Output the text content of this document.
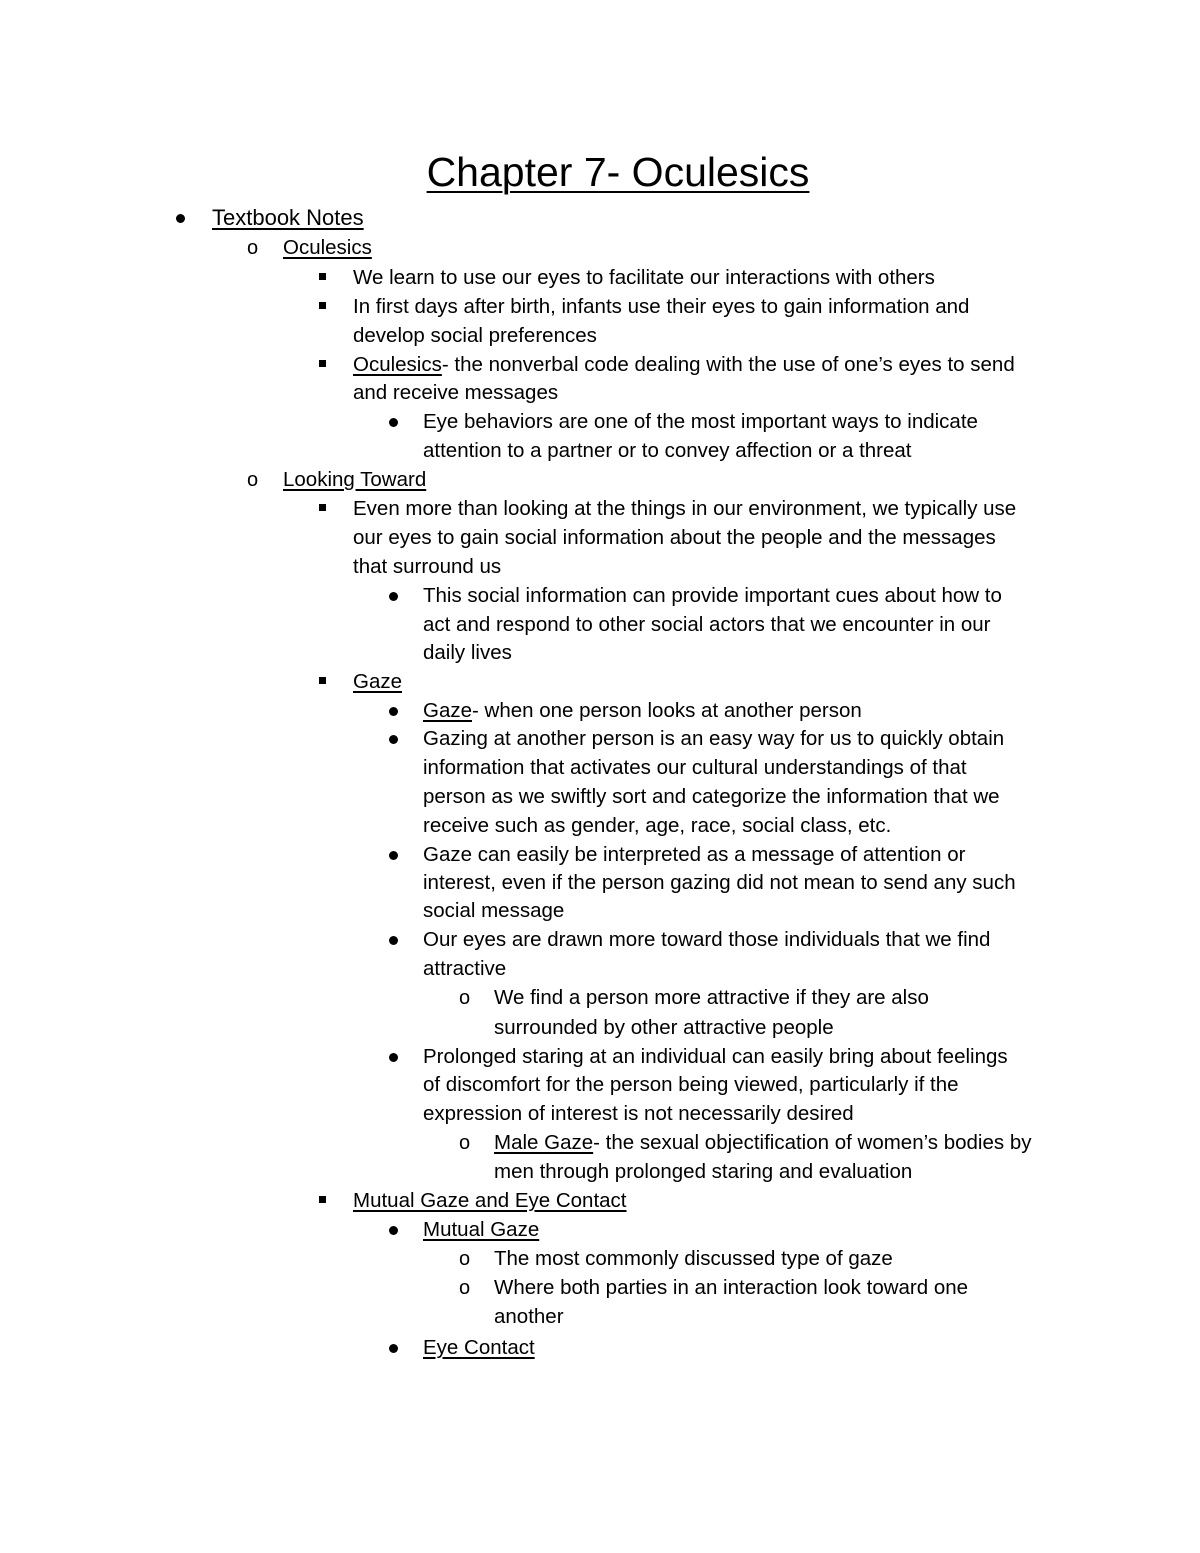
Chapter 7- Oculesics
Textbook Notes
o Oculesics
We learn to use our eyes to facilitate our interactions with others
In first days after birth, infants use their eyes to gain information and
develop social preferences
Oculesics- the nonverbal code dealing with the use of one’s eyes to send
and receive messages
Eye behaviors are one of the most important ways to indicate
attention to a partner or to convey affection or a threat
o Looking Toward
Even more than looking at the things in our environment, we typically use
our eyes to gain social information about the people and the messages
that surround us
This social information can provide important cues about how to
act and respond to other social actors that we encounter in our
daily lives
Gaze
Gaze- when one person looks at another person
Gazing at another person is an easy way for us to quickly obtain
information that activates our cultural understandings of that
person as we swiftly sort and categorize the information that we
receive such as gender, age, race, social class, etc.
Gaze can easily be interpreted as a message of attention or
interest, even if the person gazing did not mean to send any such
social message
Our eyes are drawn more toward those individuals that we find
attractive
o We find a person more attractive if they are also
surrounded by other attractive people
Prolonged staring at an individual can easily bring about feelings
of discomfort for the person being viewed, particularly if the
expression of interest is not necessarily desired
o Male Gaze- the sexual objectification of women’s bodies by
men through prolonged staring and evaluation
Mutual Gaze and Eye Contact
Mutual Gaze
o The most commonly discussed type of gaze
o Where both parties in an interaction look toward one
another
Eye Contact
